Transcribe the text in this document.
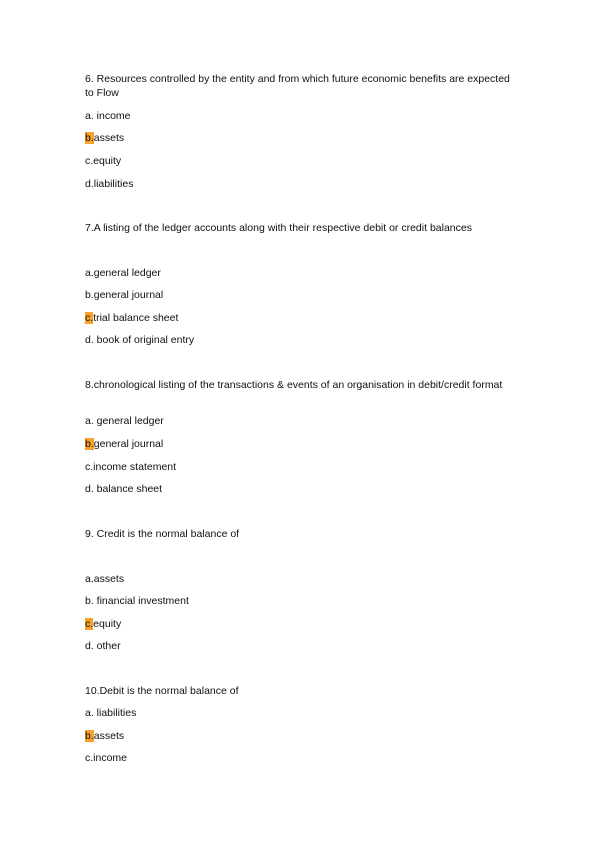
6. Resources controlled by the entity and from which future economic benefits are expected to Flow
a. income
b.assets
c.equity
d.liabilities
7.A listing of the ledger accounts along with their respective debit or credit balances
a.general ledger
b.general journal
c.trial balance sheet
d. book of original entry
8.chronological listing of the transactions & events of an organisation in debit/credit format
a. general ledger
b.general journal
c.income statement
d. balance sheet
9. Credit is the normal balance of
a.assets
b. financial investment
c.equity
d. other
10.Debit is the normal balance of
a. liabilities
b.assets
c.income
